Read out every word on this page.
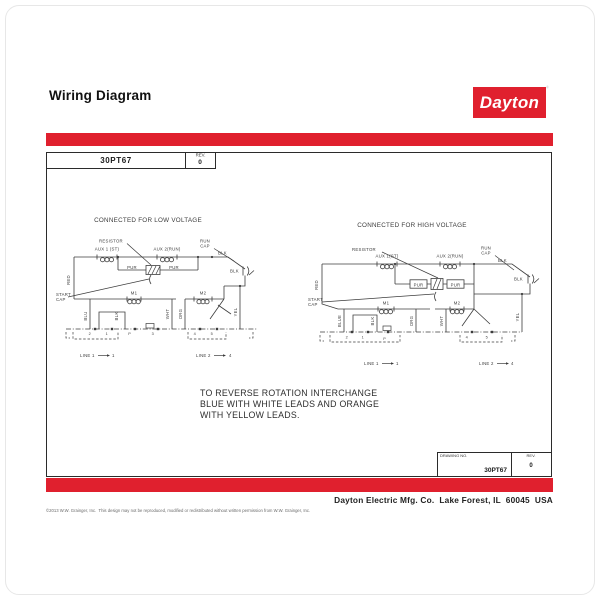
Wiring Diagram	Dayton
®
30PT67
REV.
0
CONNECTED FOR LOW VOLTAGE
RESISTOR
AUX 1 (ST)	AUX 2(RUN)
RUN
CAP
BLK
BLK
RED
PUR	PUR
START
CAP
M1	M2
BLU	BLK	WHT ORG	YEL
2	1	P	3	4	5
LINE 1	1	LINE 2	4
CONNECTED FOR HIGH VOLTAGE
RESISTOR
AUX 1(ST)	AUX 2(RUN)
RUN
CAP
BLK
BLK
RED	PUR	PUR
START
CAP	M1	M2
BLUE	BLK	ORG	WHT	YEL
2	1	P	4	5
LINE 1	1	LINE 2	4
TO REVERSE ROTATION INTERCHANGE
BLUE WITH WHITE LEADS AND ORANGE
WITH YELLOW LEADS.
DRAWING NO.
30PT67
REV.
0
Dayton Electric Mfg. Co.  Lake Forest, IL  60045  USA
©2013 W.W. Grainger, Inc.  This design may not be reproduced, modified or redistributed without written permission from W.W. Grainger, Inc.
